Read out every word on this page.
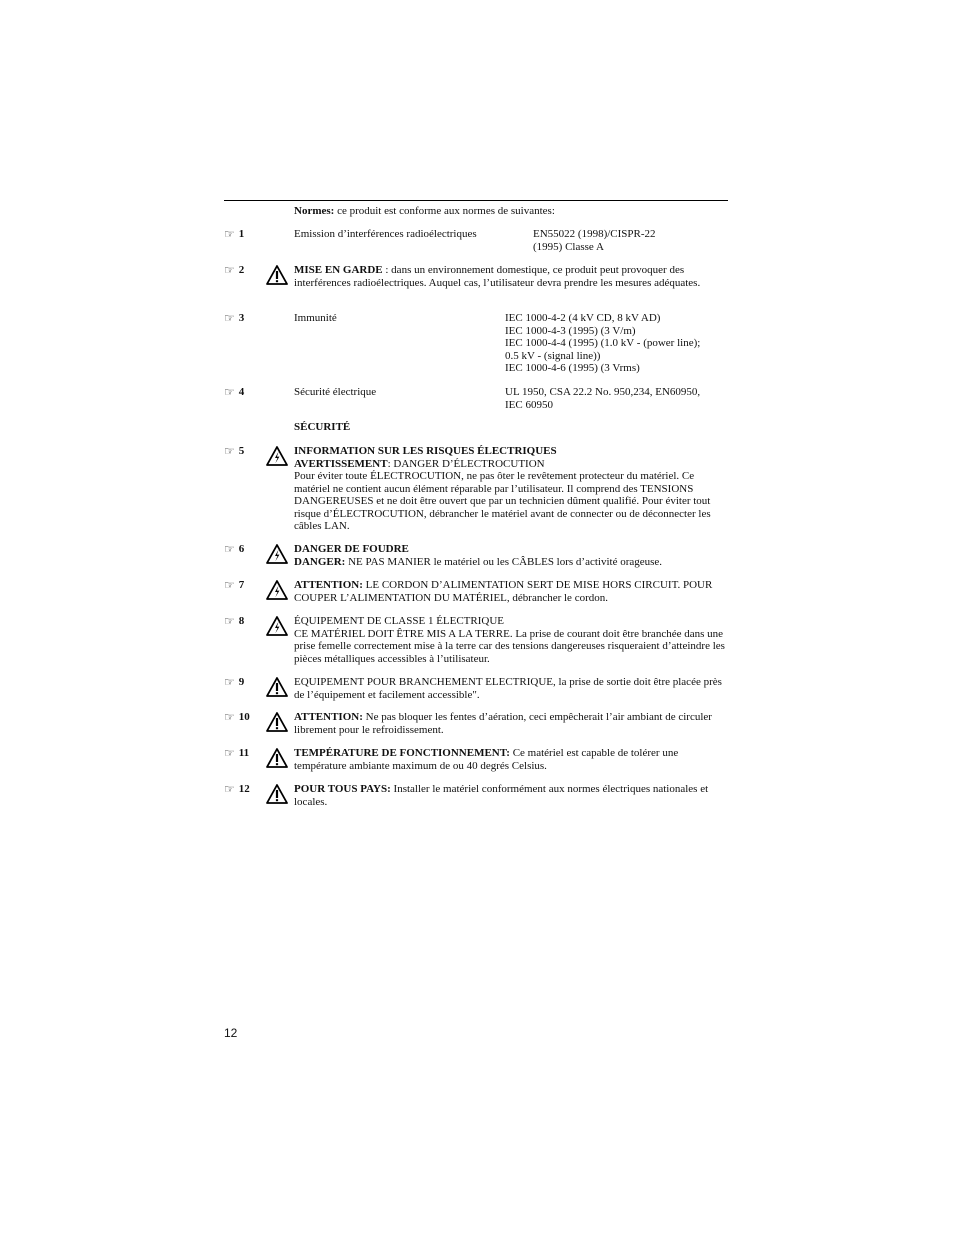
Normes: ce produit est conforme aux normes de suivantes:
☞ 1	Emission d’interférences radioélectriques	EN55022 (1998)/CISPR-22
(1995) Classe A
☞ 2	MISE EN GARDE : dans un environnement domestique, ce produit peut provoquer des interférences radioélectriques. Auquel cas, l’utilisateur devra prendre les mesures adéquates.
☞ 3	Immunité	IEC 1000-4-2 (4 kV CD, 8 kV AD)
IEC 1000-4-3 (1995) (3 V/m)
IEC 1000-4-4 (1995) (1.0 kV - (power line);
0.5 kV - (signal line))
IEC 1000-4-6 (1995) (3 Vrms)
☞ 4	Sécurité électrique	UL 1950, CSA 22.2 No. 950,234, EN60950,
IEC 60950
SÉCURITÉ
☞ 5	INFORMATION SUR LES RISQUES ÉLECTRIQUES
AVERTISSEMENT: DANGER D’ÉLECTROCUTION
Pour éviter toute ÉLECTROCUTION, ne pas ôter le revêtement protecteur du matériel. Ce matériel ne contient aucun élément réparable par l’utilisateur. Il comprend des TENSIONS DANGEREUSES et ne doit être ouvert que par un technicien dûment qualifié. Pour éviter tout risque d’ÉLECTROCUTION, débrancher le matériel avant de connecter ou de déconnecter les câbles LAN.
☞ 6	DANGER DE FOUDRE
DANGER: NE PAS MANIER le matériel ou les CÂBLES lors d’activité orageuse.
☞ 7	ATTENTION: LE CORDON D’ALIMENTATION SERT DE MISE HORS CIRCUIT. POUR COUPER L’ALIMENTATION DU MATÉRIEL, débrancher le cordon.
☞ 8	ÉQUIPEMENT DE CLASSE 1 ÉLECTRIQUE
CE MATÉRIEL DOIT ÊTRE MIS A LA TERRE. La prise de courant doit être branchée dans une prise femelle correctement mise à la terre car des tensions dangereuses risqueraient d’atteindre les pièces métalliques accessibles à l’utilisateur.
☞ 9	EQUIPEMENT POUR BRANCHEMENT ELECTRIQUE, la prise de sortie doit être placée près de l’équipement et facilement accessible".
☞ 10	ATTENTION: Ne pas bloquer les fentes d’aération, ceci empêcherait l’air ambiant de circuler librement pour le refroidissement.
☞ 11	TEMPÉRATURE DE FONCTIONNEMENT: Ce matériel est capable de tolérer une température ambiante maximum de ou 40 degrés Celsius.
☞ 12	POUR TOUS PAYS: Installer le matériel conformément aux normes électriques nationales et locales.
12
